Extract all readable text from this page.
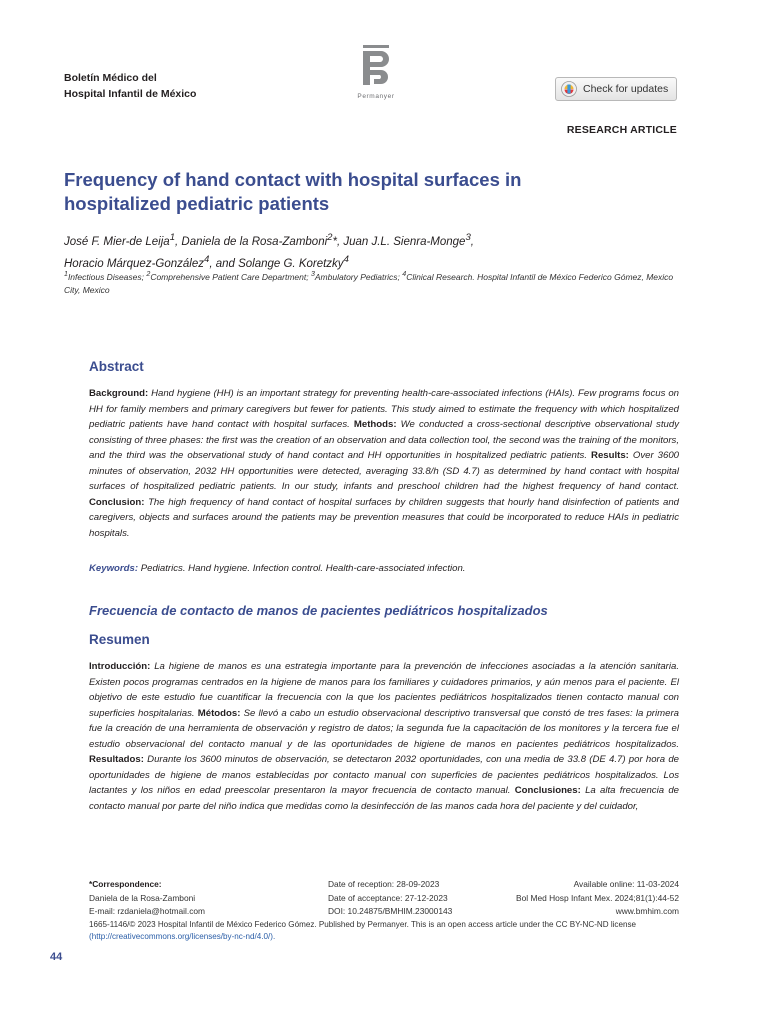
Boletín Médico del
Hospital Infantil de México	Permanyer
Check for updates
RESEARCH ARTICLE
Frequency of hand contact with hospital surfaces in hospitalized pediatric patients
José F. Mier-de Leija$^1$, Daniela de la Rosa-Zamboni$^2$*, Juan J.L. Sienra-Monge$^3$,
Horacio Márquez-González$^4$, and Solange G. Koretzky$^4$
$^1$Infectious Diseases; $^2$Comprehensive Patient Care Department; $^3$Ambulatory Pediatrics; $^4$Clinical Research. Hospital Infantil de México Federico Gómez, Mexico City, Mexico
Abstract
Background: Hand hygiene (HH) is an important strategy for preventing health-care-associated infections (HAIs). Few programs focus on HH for family members and primary caregivers but fewer for patients. This study aimed to estimate the frequency with which hospitalized pediatric patients have hand contact with hospital surfaces. Methods: We conducted a cross-sectional descriptive observational study consisting of three phases: the first was the creation of an observation and data collection tool, the second was the training of the monitors, and the third was the observational study of hand contact and HH opportunities in hospitalized pediatric patients. Results: Over 3600 minutes of observation, 2032 HH opportunities were detected, averaging 33.8/h (SD 4.7) as determined by hand contact with hospital surfaces of hospitalized pediatric patients. In our study, infants and preschool children had the highest frequency of hand contact. Conclusion: The high frequency of hand contact of hospital surfaces by children suggests that hourly hand disinfection of patients and caregivers, objects and surfaces around the patients may be prevention measures that could be incorporated to reduce HAIs in pediatric hospitals.
Keywords: Pediatrics. Hand hygiene. Infection control. Health-care-associated infection.
Frecuencia de contacto de manos de pacientes pediátricos hospitalizados
Resumen
Introducción: La higiene de manos es una estrategia importante para la prevención de infecciones asociadas a la atención sanitaria. Existen pocos programas centrados en la higiene de manos para los familiares y cuidadores primarios, y aún menos para el paciente. El objetivo de este estudio fue cuantificar la frecuencia con la que los pacientes pediátricos hospitalizados tienen contacto manual con superficies hospitalarias. Métodos: Se llevó a cabo un estudio observacional descriptivo transversal que constó de tres fases: la primera fue la creación de una herramienta de observación y registro de datos; la segunda fue la capacitación de los monitores y la tercera fue el estudio observacional del contacto manual y de las oportunidades de higiene de manos en pacientes pediátricos hospitalizados. Resultados: Durante los 3600 minutos de observación, se detectaron 2032 oportunidades, con una media de 33.8 (DE 4.7) por hora de oportunidades de higiene de manos establecidas por contacto manual con superficies de pacientes pediátricos hospitalizados. Los lactantes y los niños en edad preescolar presentaron la mayor frecuencia de contacto manual. Conclusiones: La alta frecuencia de contacto manual por parte del niño indica que medidas como la desinfección de las manos cada hora del paciente y del cuidador,
*Correspondence:
Daniela de la Rosa-Zamboni
E-mail: rzdaniela@hotmail.com
Date of reception: 28-09-2023
Date of acceptance: 27-12-2023
DOI: 10.24875/BMHIM.23000143
Available online: 11-03-2024
Bol Med Hosp Infant Mex. 2024;81(1):44-52
www.bmhim.com
1665-1146/© 2023 Hospital Infantil de México Federico Gómez. Published by Permanyer. This is an open access article under the CC BY-NC-ND license
(http://creativecommons.org/licenses/by-nc-nd/4.0/).
44
